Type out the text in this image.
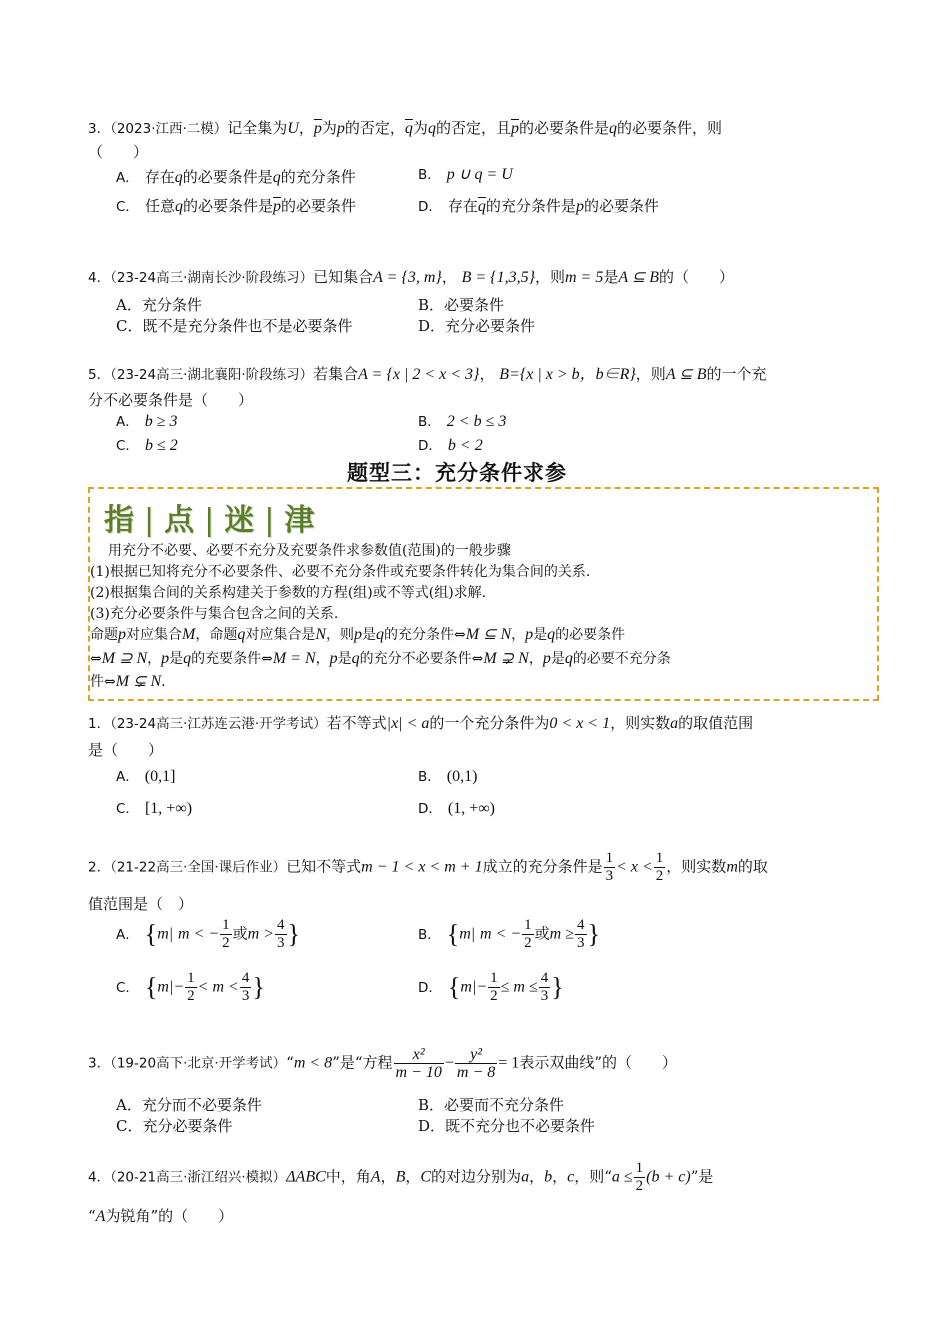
3．（2023·江西·二模）记全集为U，$\overline{p}$为p的否定，$\overline{q}$为q的否定，且$\overline{p}$的必要条件是q的必要条件，则
（　　）
A． 存在q的必要条件是q的充分条件	B． p ∪ q = U
C． 任意q的必要条件是$\overline{p}$的必要条件	D． 存在$\overline{q}$的充分条件是p的必要条件
4．（23-24高三·湖南长沙·阶段练习）已知集合A = {3, m}， B = {1,3,5}，则m = 5是A ⊆ B的（　　）
A．充分条件	B．必要条件
C．既不是充分条件也不是必要条件	D．充分必要条件
5．（23-24高三·湖北襄阳·阶段练习）若集合A = {x | 2 < x < 3}， B={x | x > b，b∈R}，则A ⊆ B的一个充
分不必要条件是（　　）
A． b ≥ 3	B． 2 < b ≤ 3
C． b ≤ 2	D． b < 2
题型三：充分条件求参
指 | 点 | 迷 | 津
用充分不必要、必要不充分及充要条件求参数值(范围)的一般步骤
(1)根据已知将充分不必要条件、必要不充分条件或充要条件转化为集合间的关系.
(2)根据集合间的关系构建关于参数的方程(组)或不等式(组)求解.
(3)充分必要条件与集合包含之间的关系.
命题p对应集合M，命题q对应集合是N，则p是q的充分条件⇔M ⊆ N，p是q的必要条件
⇔M ⊇ N，p是q的充要条件⇔M = N，p是q的充分不必要条件⇔M ⊋ N，p是q的必要不充分条
件⇔M ⊊ N.
1．（23-24高三·江苏连云港·开学考试）若不等式|x| < a的一个充分条件为0 < x < 1，则实数a的取值范围
是（　　）
A． (0,1]	B． (0,1)
C． [1, +∞)	D． (1, +∞)
2．（21-22高三·全国·课后作业）已知不等式m − 1 < x < m + 1成立的充分条件是 $\frac{1}{3} < x < \frac{1}{2}$ ，则实数m的取
值范围是（　）
A． {m| m < − $\frac{1}{2}$ 或$m > \frac{4}{3}$ }	B． {m| m < − $\frac{1}{2}$ 或$m \ge \frac{4}{3}$ }
C． {$m|- \frac{1}{2} < m < \frac{4}{3}$ }	D． {$m|- \frac{1}{2} \le m \le \frac{4}{3}$ }
3．（19-20高下·北京·开学考试）“m < 8”是“方程 $\frac{\text{x²}}{m - 10} - \frac{\text{y²}}{m - 8} = 1$表示双曲线”的（　　）
A．充分而不必要条件	B．必要而不充分条件
C．充分必要条件	D．既不充分也不必要条件
4．（20-21高三·浙江绍兴·模拟）ΔABC中，角A，B，C的对边分别为a，b，c，则“$a \le \frac{1}{2} (b + c)$”是
“A为锐角”的（　　）
